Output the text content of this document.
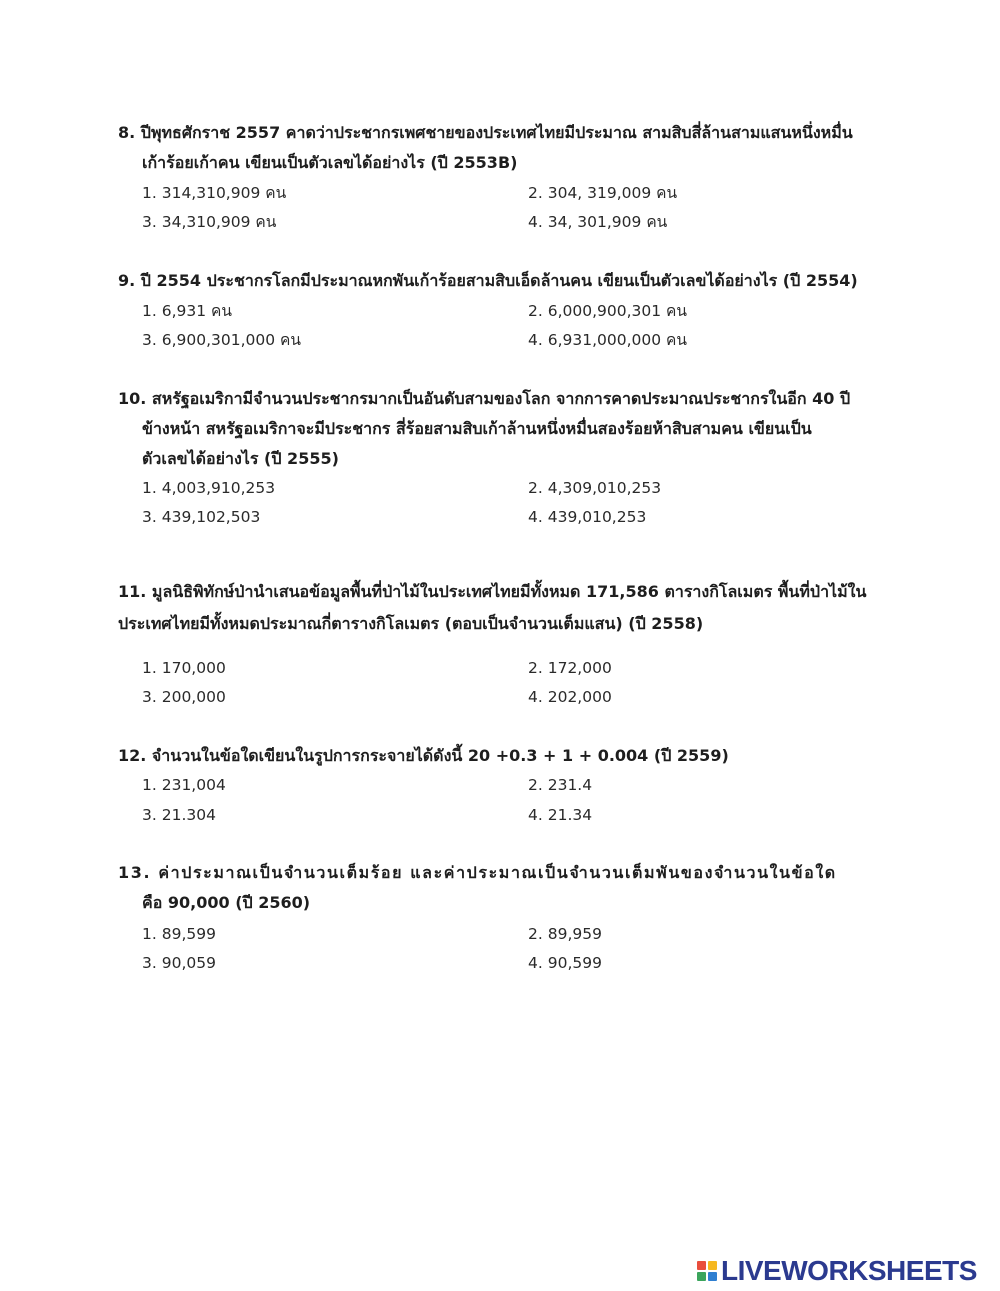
8. ปีพุทธศักราช 2557 คาดว่าประชากรเพศชายของประเทศไทยมีประมาณ สามสิบสี่ล้านสามแสนหนึ่งหมื่น
เก้าร้อยเก้าคน เขียนเป็นตัวเลขได้อย่างไร (ปี 2553B)
1. 314,310,909 คน	2. 304, 319,009 คน
3. 34,310,909 คน	4. 34, 301,909 คน
9. ปี 2554 ประชากรโลกมีประมาณหกพันเก้าร้อยสามสิบเอ็ดล้านคน เขียนเป็นตัวเลขได้อย่างไร (ปี 2554)
1. 6,931 คน	2. 6,000,900,301 คน
3. 6,900,301,000 คน	4. 6,931,000,000 คน
10. สหรัฐอเมริกามีจำนวนประชากรมากเป็นอันดับสามของโลก จากการคาดประมาณประชากรในอีก 40 ปี
ข้างหน้า สหรัฐอเมริกาจะมีประชากร สี่ร้อยสามสิบเก้าล้านหนึ่งหมื่นสองร้อยห้าสิบสามคน เขียนเป็น
ตัวเลขได้อย่างไร (ปี 2555)
1. 4,003,910,253	2. 4,309,010,253
3. 439,102,503	4. 439,010,253
11. มูลนิธิพิทักษ์ป่านำเสนอข้อมูลพื้นที่ป่าไม้ในประเทศไทยมีทั้งหมด 171,586 ตารางกิโลเมตร พื้นที่ป่าไม้ใน
ประเทศไทยมีทั้งหมดประมาณกี่ตารางกิโลเมตร (ตอบเป็นจำนวนเต็มแสน) (ปี 2558)
1. 170,000	2. 172,000
3. 200,000	4. 202,000
12. จำนวนในข้อใดเขียนในรูปการกระจายได้ดังนี้ 20 +0.3 + 1 + 0.004 (ปี 2559)
1. 231,004	2. 231.4
3. 21.304	4. 21.34
13. ค่าประมาณเป็นจำนวนเต็มร้อย และค่าประมาณเป็นจำนวนเต็มพันของจำนวนในข้อใด
คือ 90,000 (ปี 2560)
1. 89,599	2. 89,959
3. 90,059	4. 90,599
LIVEWORKSHEETS
